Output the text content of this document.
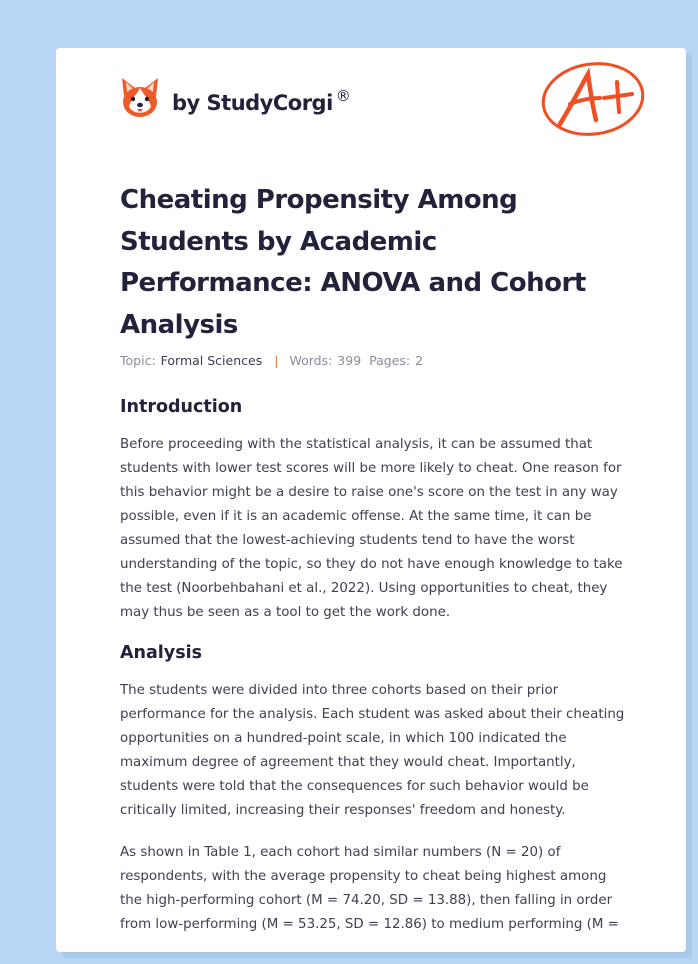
by StudyCorgi ®
Cheating Propensity Among Students by Academic Performance: ANOVA and Cohort Analysis
Topic: Formal Sciences | Words: 399 Pages: 2
Introduction

Before proceeding with the statistical analysis, it can be assumed that students with lower test scores will be more likely to cheat. One reason for this behavior might be a desire to raise one's score on the test in any way possible, even if it is an academic offense. At the same time, it can be assumed that the lowest-achieving students tend to have the worst understanding of the topic, so they do not have enough knowledge to take the test (Noorbehbahani et al., 2022). Using opportunities to cheat, they may thus be seen as a tool to get the work done.

Analysis

The students were divided into three cohorts based on their prior performance for the analysis. Each student was asked about their cheating opportunities on a hundred-point scale, in which 100 indicated the maximum degree of agreement that they would cheat. Importantly, students were told that the consequences for such behavior would be critically limited, increasing their responses' freedom and honesty.

As shown in Table 1, each cohort had similar numbers (N = 20) of respondents, with the average propensity to cheat being highest among the high-performing cohort (M = 74.20, SD = 13.88), then falling in order from low-performing (M = 53.25, SD = 12.86) to medium performing (M =
